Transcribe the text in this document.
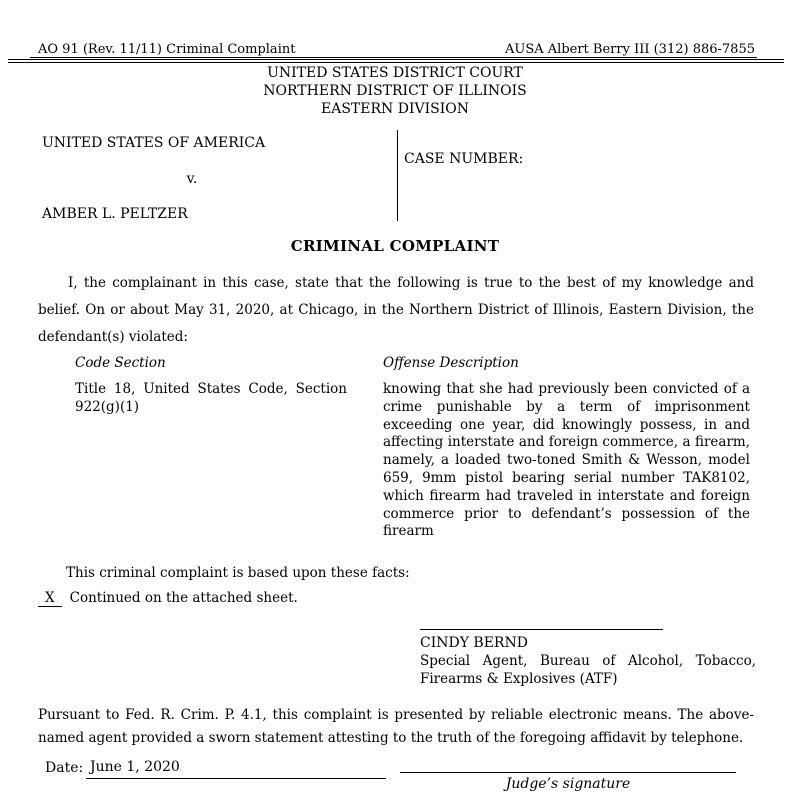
AO 91 (Rev. 11/11) Criminal Complaint	AUSA Albert Berry III (312) 886-7855
UNITED STATES DISTRICT COURT
NORTHERN DISTRICT OF ILLINOIS
EASTERN DIVISION
UNITED STATES OF AMERICA
v.
AMBER L. PELTZER
CASE NUMBER:
CRIMINAL COMPLAINT
I, the complainant in this case, state that the following is true to the best of my knowledge and belief. On or about May 31, 2020, at Chicago, in the Northern District of Illinois, Eastern Division, the defendant(s) violated:
Code Section	Offense Description
Title 18, United States Code, Section 922(g)(1)
knowing that she had previously been convicted of a crime punishable by a term of imprisonment exceeding one year, did knowingly possess, in and affecting interstate and foreign commerce, a firearm, namely, a loaded two-toned Smith & Wesson, model 659, 9mm pistol bearing serial number TAK8102, which firearm had traveled in interstate and foreign commerce prior to defendant’s possession of the firearm
This criminal complaint is based upon these facts:
X Continued on the attached sheet.
CINDY BERND
Special Agent, Bureau of Alcohol, Tobacco, Firearms & Explosives (ATF)
Pursuant to Fed. R. Crim. P. 4.1, this complaint is presented by reliable electronic means. The above-named agent provided a sworn statement attesting to the truth of the foregoing affidavit by telephone.
Date: June 1, 2020
Judge’s signature
